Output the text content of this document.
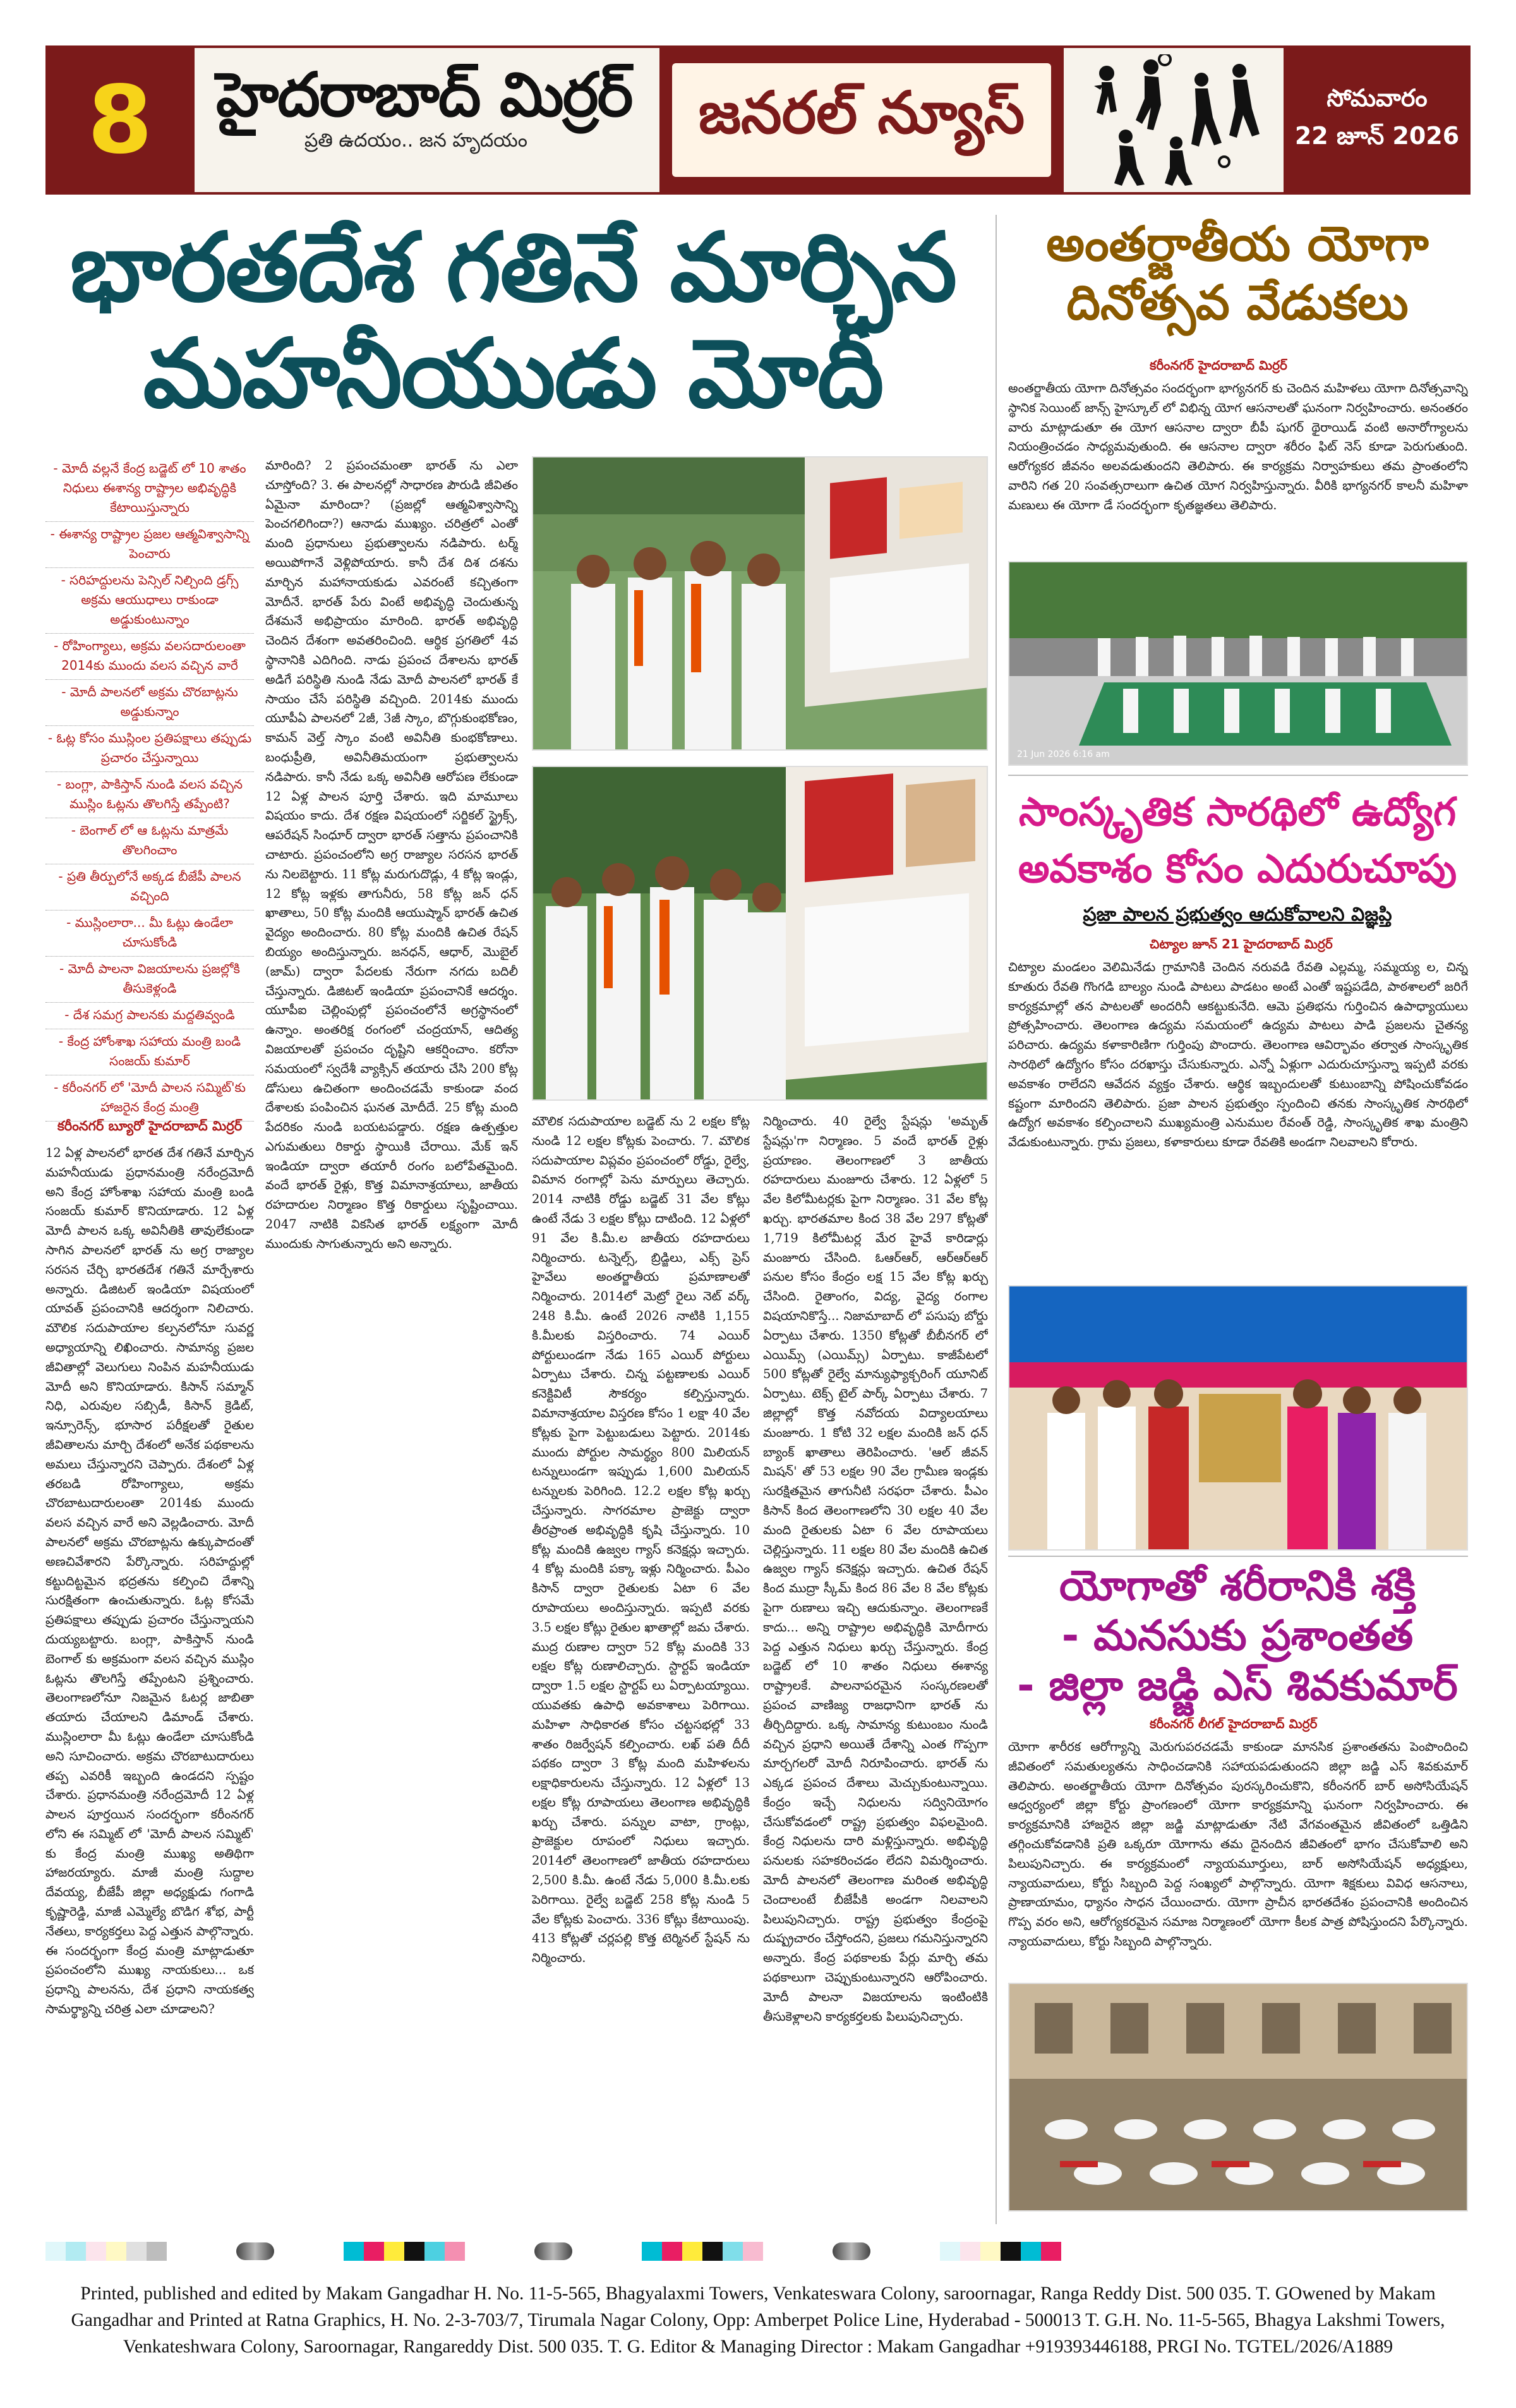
8	హైదరాబాద్ మిర్రర్
ప్రతి ఉదయం.. జన హృదయం	జనరల్ న్యూస్	సోమవారం
22 జూన్ 2026
భారతదేశ గతినే మార్చిన
మహనీయుడు మోదీ
- మోదీ వల్లనే కేంద్ర బడ్జెట్ లో 10 శాతం నిధులు ఈశాన్య రాష్ట్రాల అభివృద్ధికి కేటాయిస్తున్నారు
- ఈశాన్య రాష్ట్రాల ప్రజల ఆత్మవిశ్వాసాన్ని పెంచారు
- సరిహద్దులను పెన్సిల్ నిల్చింది డ్రగ్స్ అక్రమ ఆయుధాలు రాకుండా అడ్డుకుంటున్నాం
- రోహింగ్యాలు, అక్రమ వలసదారులంతా 2014కు ముందు వలస వచ్చిన వారే
- మోదీ పాలనలో అక్రమ చొరబాట్లను అడ్డుకున్నాం
- ఓట్ల కోసం ముస్లింల ప్రతిపక్షాలు తప్పుడు ప్రచారం చేస్తున్నాయి
- బంగ్లా, పాకిస్తాన్ నుండి వలస వచ్చిన ముస్లిం ఓట్లను తొలగిస్తే తప్పేంటి?
- బెంగాల్ లో ఆ ఓట్లను మాత్రమే తొలగించాం
- ప్రతి తీర్పులోనే అక్కడ బీజేపీ పాలన వచ్చింది
- ముస్లింలారా... మీ ఓట్లు ఉండేలా చూసుకోండి
- మోదీ పాలనా విజయాలను ప్రజల్లోకి తీసుకెళ్లండి
- దేశ సమగ్ర పాలనకు మద్దతివ్వండి
- కేంద్ర హోంశాఖ సహాయ మంత్రి బండి సంజయ్ కుమార్
- కరీంనగర్ లో 'మోదీ పాలన సమ్మిట్'కు హాజరైన కేంద్ర మంత్రి
కరీంనగర్ బ్యూరో హైదరాబాద్ మిర్రర్
12 ఏళ్ల పాలనలో భారత దేశ గతినే మార్చిన మహనీయుడు ప్రధానమంత్రి నరేంద్రమోదీ అని కేంద్ర హోంశాఖ సహాయ మంత్రి బండి సంజయ్ కుమార్ కొనియాడారు. 12 ఏళ్ల మోదీ పాలన ఒక్క అవినీతికి తావులేకుండా సాగిన పాలనలో భారత్ ను అగ్ర రాజ్యాల సరసన చేర్చి భారతదేశ గతినే మార్చేశారు అన్నారు. డిజిటల్ ఇండియా విషయంలో యావత్ ప్రపంచానికి ఆదర్శంగా నిలిచారు. మౌలిక సదుపాయాల కల్పనలోనూ సువర్ణ అధ్యాయాన్ని లిఖించారు. సామాన్య ప్రజల జీవితాల్లో వెలుగులు నింపిన మహనీయుడు మోదీ అని కొనియాడారు. కిసాన్ సమ్మాన్ నిధి, ఎరువుల సబ్సిడీ, కిసాన్ క్రెడిట్, ఇన్సూరెన్స్, భూసార పరీక్షలతో రైతుల జీవితాలను మార్చి దేశంలో అనేక పథకాలను అమలు చేస్తున్నారని చెప్పారు. దేశంలో ఏళ్ల తరబడి రోహింగ్యాలు, అక్రమ చొరబాటుదారులంతా 2014కు ముందు వలస వచ్చిన వారే అని వెల్లడించారు. మోదీ పాలనలో అక్రమ చొరబాట్లను ఉక్కుపాదంతో అణచివేశారని పేర్కొన్నారు. సరిహద్దుల్లో కట్టుదిట్టమైన భద్రతను కల్పించి దేశాన్ని సురక్షితంగా ఉంచుతున్నారు. ఓట్ల కోసమే ప్రతిపక్షాలు తప్పుడు ప్రచారం చేస్తున్నాయని దుయ్యబట్టారు. బంగ్లా, పాకిస్తాన్ నుండి బెంగాల్ కు అక్రమంగా వలస వచ్చిన ముస్లిం ఓట్లను తొలగిస్తే తప్పేంటని ప్రశ్నించారు. తెలంగాణలోనూ నిజమైన ఓటర్ల జాబితా తయారు చేయాలని డిమాండ్ చేశారు. ముస్లింలారా మీ ఓట్లు ఉండేలా చూసుకోండి అని సూచించారు. అక్రమ చొరబాటుదారులు తప్ప ఎవరికీ ఇబ్బంది ఉండదని స్పష్టం చేశారు. ప్రధానమంత్రి నరేంద్రమోదీ 12 ఏళ్ల పాలన పూర్తయిన సందర్భంగా కరీంనగర్ లోని ఈ సమ్మిట్ లో 'మోదీ పాలన సమ్మిట్' కు కేంద్ర మంత్రి ముఖ్య అతిథిగా హాజరయ్యారు. మాజీ మంత్రి సుద్దాల దేవయ్య, బీజేపీ జిల్లా అధ్యక్షుడు గంగాడి కృష్ణారెడ్డి, మాజీ ఎమ్మెల్యే బొడిగ శోభ, పార్టీ నేతలు, కార్యకర్తలు పెద్ద ఎత్తున పాల్గొన్నారు. ఈ సందర్భంగా కేంద్ర మంత్రి మాట్లాడుతూ ప్రపంచంలోని ముఖ్య నాయకులు... ఒక ప్రధాన్ని పాలనను, దేశ ప్రధాని నాయకత్వ సామర్థ్యాన్ని చరిత్ర ఎలా చూడాలని?
మారింది? 2 ప్రపంచమంతా భారత్ ను ఎలా చూస్తోంది? 3. ఈ పాలనల్లో సాధారణ పౌరుడి జీవితం ఏమైనా మారిందా? (ప్రజల్లో ఆత్మవిశ్వాసాన్ని పెంచగలిగిందా?) ఆనాడు ముఖ్యం. చరిత్రలో ఎంతో మంది ప్రధానులు ప్రభుత్వాలను నడిపారు. టర్మ్ అయిపోగానే వెళ్లిపోయారు. కానీ దేశ దిశ దశను మార్చిన మహానాయకుడు ఎవరంటే కచ్చితంగా మోదీనే. భారత్ పేరు వింటే అభివృద్ధి చెందుతున్న దేశమనే అభిప్రాయం మారింది. భారత్ అభివృద్ధి చెందిన దేశంగా అవతరించింది. ఆర్థిక ప్రగతిలో 4వ స్థానానికి ఎదిగింది. నాడు ప్రపంచ దేశాలను భారత్ అడిగే పరిస్థితి నుండి నేడు మోదీ పాలనలో భారత్ కే సాయం చేసే పరిస్థితి వచ్చింది. 2014కు ముందు యూపీఏ పాలనలో 2జీ, 3జీ స్కాం, బొగ్గుకుంభకోణం, కామన్ వెల్త్ స్కాం వంటి అవినీతి కుంభకోణాలు. బంధుప్రీతి, అవినీతిమయంగా ప్రభుత్వాలను నడిపారు. కానీ నేడు ఒక్క అవినీతి ఆరోపణ లేకుండా 12 ఏళ్ల పాలన పూర్తి చేశారు. ఇది మామూలు విషయం కాదు. దేశ రక్షణ విషయంలో సర్జికల్ స్ట్రైక్స్, ఆపరేషన్ సింధూర్ ద్వారా భారత్ సత్తాను ప్రపంచానికి చాటారు. ప్రపంచంలోని అగ్ర రాజ్యాల సరసన భారత్ ను నిలబెట్టారు. 11 కోట్ల మరుగుదొడ్లు, 4 కోట్ల ఇండ్లు, 12 కోట్ల ఇళ్లకు తాగునీరు, 58 కోట్ల జన్ ధన్ ఖాతాలు, 50 కోట్ల మందికి ఆయుష్మాన్ భారత్ ఉచిత వైద్యం అందించారు. 80 కోట్ల మందికి ఉచిత రేషన్ బియ్యం అందిస్తున్నారు. జనధన్, ఆధార్, మొబైల్ (జామ్) ద్వారా పేదలకు నేరుగా నగదు బదిలీ చేస్తున్నారు. డిజిటల్ ఇండియా ప్రపంచానికే ఆదర్శం. యూపీఐ చెల్లింపుల్లో ప్రపంచంలోనే అగ్రస్థానంలో ఉన్నాం. అంతరిక్ష రంగంలో చంద్రయాన్, ఆదిత్య విజయాలతో ప్రపంచం దృష్టిని ఆకర్షించాం. కరోనా సమయంలో స్వదేశీ వ్యాక్సిన్ తయారు చేసి 200 కోట్ల డోసులు ఉచితంగా అందించడమే కాకుండా వంద దేశాలకు పంపించిన ఘనత మోదీదే. 25 కోట్ల మంది పేదరికం నుండి బయటపడ్డారు. రక్షణ ఉత్పత్తుల ఎగుమతులు రికార్డు స్థాయికి చేరాయి. మేక్ ఇన్ ఇండియా ద్వారా తయారీ రంగం బలోపేతమైంది. వందే భారత్ రైళ్లు, కొత్త విమానాశ్రయాలు, జాతీయ రహదారుల నిర్మాణం కొత్త రికార్డులు సృష్టించాయి. 2047 నాటికి వికసిత భారత్ లక్ష్యంగా మోదీ ముందుకు సాగుతున్నారు అని అన్నారు.
మౌలిక సదుపాయాల బడ్జెట్ ను 2 లక్షల కోట్ల నుండి 12 లక్షల కోట్లకు పెంచారు. 7. మౌలిక సదుపాయాల విప్లవం ప్రపంచంలో రోడ్డు, రైల్వే, విమాన రంగాల్లో పెను మార్పులు తెచ్చారు. 2014 నాటికి రోడ్డు బడ్జెట్ 31 వేల కోట్లు ఉంటే నేడు 3 లక్షల కోట్లు దాటింది. 12 ఏళ్లలో 91 వేల కి.మీ.ల జాతీయ రహదారులు నిర్మించారు. టన్నెల్స్, బ్రిడ్జిలు, ఎక్స్ ప్రెస్ హైవేలు అంతర్జాతీయ ప్రమాణాలతో నిర్మించారు. 2014లో మెట్రో రైలు నెట్ వర్క్ 248 కి.మీ. ఉంటే 2026 నాటికి 1,155 కి.మీలకు విస్తరించారు. 74 ఎయిర్ పోర్టులుండగా నేడు 165 ఎయిర్ పోర్టులు ఏర్పాటు చేశారు. చిన్న పట్టణాలకు ఎయిర్ కనెక్టివిటీ సౌకర్యం కల్పిస్తున్నారు. విమానాశ్రయాల విస్తరణ కోసం 1 లక్షా 40 వేల కోట్లకు పైగా పెట్టుబడులు పెట్టారు. 2014కు ముందు పోర్టుల సామర్థ్యం 800 మిలియన్ టన్నులుండగా ఇప్పుడు 1,600 మిలియన్ టన్నులకు పెరిగింది. 12.2 లక్షల కోట్ల ఖర్చు చేస్తున్నారు. సాగరమాల ప్రాజెక్టు ద్వారా తీరప్రాంత అభివృద్ధికి కృషి చేస్తున్నారు. 10 కోట్ల మందికి ఉజ్వల గ్యాస్ కనెక్షన్లు ఇచ్చారు. 4 కోట్ల మందికి పక్కా ఇళ్లు నిర్మించారు. పీఎం కిసాన్ ద్వారా రైతులకు ఏటా 6 వేల రూపాయలు అందిస్తున్నారు. ఇప్పటి వరకు 3.5 లక్షల కోట్లు రైతుల ఖాతాల్లో జమ చేశారు. ముద్ర రుణాల ద్వారా 52 కోట్ల మందికి 33 లక్షల కోట్ల రుణాలిచ్చారు. స్టార్టప్ ఇండియా ద్వారా 1.5 లక్షల స్టార్టప్ లు ఏర్పాటయ్యాయి. యువతకు ఉపాధి అవకాశాలు పెరిగాయి. మహిళా సాధికారత కోసం చట్టసభల్లో 33 శాతం రిజర్వేషన్ కల్పించారు. లఖ్ పతి దీదీ పథకం ద్వారా 3 కోట్ల మంది మహిళలను లక్షాధికారులను చేస్తున్నారు. 12 ఏళ్లలో 13 లక్షల కోట్ల రూపాయలు తెలంగాణ అభివృద్ధికి ఖర్చు చేశారు. పన్నుల వాటా, గ్రాంట్లు, ప్రాజెక్టుల రూపంలో నిధులు ఇచ్చారు. 2014లో తెలంగాణలో జాతీయ రహదారులు 2,500 కి.మీ. ఉంటే నేడు 5,000 కి.మీ.లకు పెరిగాయి. రైల్వే బడ్జెట్ 258 కోట్ల నుండి 5 వేల కోట్లకు పెంచారు. 336 కోట్లు కేటాయింపు. 413 కోట్లతో చర్లపల్లి కొత్త టెర్మినల్ స్టేషన్ ను నిర్మించారు.
నిర్మించారు. 40 రైల్వే స్టేషన్లు 'అమృత్ స్టేషన్లు'గా నిర్మాణం. 5 వందే భారత్ రైళ్లు ప్రయాణం. తెలంగాణలో 3 జాతీయ రహదారులు మంజూరు చేశారు. 12 ఏళ్లలో 5 వేల కిలోమీటర్లకు పైగా నిర్మాణం. 31 వేల కోట్ల ఖర్చు. భారతమాల కింద 38 వేల 297 కోట్లతో 1,719 కిలోమీటర్ల మేర హైవే కారిడార్లు మంజూరు చేసింది. ఓఆర్ఆర్, ఆర్ఆర్ఆర్ పనుల కోసం కేంద్రం లక్ష 15 వేల కోట్ల ఖర్చు చేసింది. రైతాంగం, విద్య, వైద్య రంగాల విషయానికొస్తే... నిజామాబాద్ లో పసుపు బోర్డు ఏర్పాటు చేశారు. 1350 కోట్లతో బీబీనగర్ లో ఎయిమ్స్ (ఎయిమ్స్) ఏర్పాటు. కాజీపేటలో 500 కోట్లతో రైల్వే మాన్యుఫ్యాక్చరింగ్ యూనిట్ ఏర్పాటు. టెక్స్ టైల్ పార్క్ ఏర్పాటు చేశారు. 7 జిల్లాల్లో కొత్త నవోదయ విద్యాలయాలు మంజూరు. 1 కోటి 32 లక్షల మందికి జన్ ధన్ బ్యాంక్ ఖాతాలు తెరిపించారు. 'ఆల్ జీవన్ మిషన్' తో 53 లక్షల 90 వేల గ్రామీణ ఇండ్లకు సురక్షితమైన తాగునీటి సరఫరా చేశారు. పీఎం కిసాన్ కింద తెలంగాణలోని 30 లక్షల 40 వేల మంది రైతులకు ఏటా 6 వేల రూపాయలు చెల్లిస్తున్నారు. 11 లక్షల 80 వేల మందికి ఉచిత ఉజ్వల గ్యాస్ కనెక్షన్లు ఇచ్చారు. ఉచిత రేషన్ కింద ముద్రా స్కీమ్ కింద 86 వేల 8 వేల కోట్లకు పైగా రుణాలు ఇచ్చి ఆదుకున్నాం. తెలంగాణకే కాదు... అన్ని రాష్ట్రాల అభివృద్ధికి మోదీగారు పెద్ద ఎత్తున నిధులు ఖర్చు చేస్తున్నారు. కేంద్ర బడ్జెట్ లో 10 శాతం నిధులు ఈశాన్య రాష్ట్రాలకే. పాలనాపరమైన సంస్కరణలతో ప్రపంచ వాణిజ్య రాజధానిగా భారత్ ను తీర్చిదిద్దారు. ఒక్క సామాన్య కుటుంబం నుండి వచ్చిన ప్రధాని అయితే దేశాన్ని ఎంత గొప్పగా మార్చగలరో మోదీ నిరూపించారు. భారత్ ను ఎక్కడ ప్రపంచ దేశాలు మెచ్చుకుంటున్నాయి. కేంద్రం ఇచ్చే నిధులను సద్వినియోగం చేసుకోవడంలో రాష్ట్ర ప్రభుత్వం విఫలమైంది. కేంద్ర నిధులను దారి మళ్లిస్తున్నారు. అభివృద్ధి పనులకు సహకరించడం లేదని విమర్శించారు. మోదీ పాలనలో తెలంగాణ మరింత అభివృద్ధి చెందాలంటే బీజేపీకి అండగా నిలవాలని పిలుపునిచ్చారు. రాష్ట్ర ప్రభుత్వం కేంద్రంపై దుష్ప్రచారం చేస్తోందని, ప్రజలు గమనిస్తున్నారని అన్నారు. కేంద్ర పథకాలకు పేర్లు మార్చి తమ పథకాలుగా చెప్పుకుంటున్నారని ఆరోపించారు. మోదీ పాలనా విజయాలను ఇంటింటికి తీసుకెళ్లాలని కార్యకర్తలకు పిలుపునిచ్చారు.
అంతర్జాతీయ యోగా
దినోత్సవ వేడుకలు
కరీంనగర్ హైదరాబాద్ మిర్రర్
అంతర్జాతీయ యోగా దినోత్సవం సందర్భంగా భాగ్యనగర్ కు చెందిన మహిళలు యోగా దినోత్సవాన్ని స్థానిక సెయింట్ జాన్స్ హైస్కూల్ లో విభిన్న యోగ ఆసనాలతో ఘనంగా నిర్వహించారు. అనంతరం వారు మాట్లాడుతూ ఈ యోగ ఆసనాల ద్వారా బీపీ షుగర్ థైరాయిడ్ వంటి అనారోగ్యాలను నియంత్రించడం సాధ్యమవుతుంది. ఈ ఆసనాల ద్వారా శరీరం ఫిట్ నెస్ కూడా పెరుగుతుంది. ఆరోగ్యకర జీవనం అలవడుతుందని తెలిపారు. ఈ కార్యక్రమ నిర్వాహకులు తమ ప్రాంతంలోని వారిని గత 20 సంవత్సరాలుగా ఉచిత యోగ నిర్వహిస్తున్నారు. వీరికి భాగ్యనగర్ కాలనీ మహిళా మణులు ఈ యోగా డే సందర్భంగా కృతజ్ఞతలు తెలిపారు.
21 Jun 2026 6:16 am
సాంస్కృతిక సారథిలో ఉద్యోగ
అవకాశం కోసం ఎదురుచూపు
ప్రజా పాలన ప్రభుత్వం ఆదుకోవాలని విజ్ఞప్తి
చిట్యాల జూన్ 21 హైదరాబాద్ మిర్రర్
చిట్యాల మండలం వెలిమినేడు గ్రామానికి చెందిన నరువడి రేవతి ఎల్లమ్మ, సమ్మయ్య ల, చిన్న కూతురు రేవతి గొంగడి బాల్యం నుండి పాటలు పాడటం అంటే ఎంతో ఇష్టపడేది, పాఠశాలలో జరిగే కార్యక్రమాల్లో తన పాటలతో అందరినీ ఆకట్టుకునేది. ఆమె ప్రతిభను గుర్తించిన ఉపాధ్యాయులు ప్రోత్సహించారు. తెలంగాణ ఉద్యమ సమయంలో ఉద్యమ పాటలు పాడి ప్రజలను చైతన్య పరిచారు. ఉద్యమ కళాకారిణిగా గుర్తింపు పొందారు. తెలంగాణ ఆవిర్భావం తర్వాత సాంస్కృతిక సారథిలో ఉద్యోగం కోసం దరఖాస్తు చేసుకున్నారు. ఎన్నో ఏళ్లుగా ఎదురుచూస్తున్నా ఇప్పటి వరకు అవకాశం రాలేదని ఆవేదన వ్యక్తం చేశారు. ఆర్థిక ఇబ్బందులతో కుటుంబాన్ని పోషించుకోవడం కష్టంగా మారిందని తెలిపారు. ప్రజా పాలన ప్రభుత్వం స్పందించి తనకు సాంస్కృతిక సారథిలో ఉద్యోగ అవకాశం కల్పించాలని ముఖ్యమంత్రి ఎనుముల రేవంత్ రెడ్డి, సాంస్కృతిక శాఖ మంత్రిని వేడుకుంటున్నారు. గ్రామ ప్రజలు, కళాకారులు కూడా రేవతికి అండగా నిలవాలని కోరారు.
యోగాతో శరీరానికి శక్తి
- మనసుకు ప్రశాంతత
- జిల్లా జడ్జి ఎస్ శివకుమార్
కరీంనగర్ లీగల్ హైదరాబాద్ మిర్రర్
యోగా శారీరక ఆరోగ్యాన్ని మెరుగుపరచడమే కాకుండా మానసిక ప్రశాంతతను పెంపొందించి జీవితంలో సమతుల్యతను సాధించడానికి సహాయపడుతుందని జిల్లా జడ్జి ఎస్ శివకుమార్ తెలిపారు. అంతర్జాతీయ యోగా దినోత్సవం పురస్కరించుకొని, కరీంనగర్ బార్ అసోసియేషన్ ఆధ్వర్యంలో జిల్లా కోర్టు ప్రాంగణంలో యోగా కార్యక్రమాన్ని ఘనంగా నిర్వహించారు. ఈ కార్యక్రమానికి హాజరైన జిల్లా జడ్జి మాట్లాడుతూ నేటి వేగవంతమైన జీవితంలో ఒత్తిడిని తగ్గించుకోవడానికి ప్రతి ఒక్కరూ యోగాను తమ దైనందిన జీవితంలో భాగం చేసుకోవాలి అని పిలుపునిచ్చారు. ఈ కార్యక్రమంలో న్యాయమూర్తులు, బార్ అసోసియేషన్ అధ్యక్షులు, న్యాయవాదులు, కోర్టు సిబ్బంది పెద్ద సంఖ్యలో పాల్గొన్నారు. యోగా శిక్షకులు వివిధ ఆసనాలు, ప్రాణాయామం, ధ్యానం సాధన చేయించారు. యోగా ప్రాచీన భారతదేశం ప్రపంచానికి అందించిన గొప్ప వరం అని, ఆరోగ్యకరమైన సమాజ నిర్మాణంలో యోగా కీలక పాత్ర పోషిస్తుందని పేర్కొన్నారు. న్యాయవాదులు, కోర్టు సిబ్బంది పాల్గొన్నారు.
Printed, published and edited by Makam Gangadhar H. No. 11-5-565, Bhagyalaxmi Towers, Venkateswara Colony, saroornagar, Ranga Reddy Dist. 500 035. T. GOwened by Makam Gangadhar and Printed at Ratna Graphics, H. No. 2-3-703/7, Tirumala Nagar Colony, Opp: Amberpet Police Line, Hyderabad - 500013 T. G.H. No. 11-5-565, Bhagya Lakshmi Towers, Venkateshwara Colony, Saroornagar, Rangareddy Dist. 500 035. T. G. Editor & Managing Director : Makam Gangadhar +919393446188, PRGI No. TGTEL/2026/A1889
